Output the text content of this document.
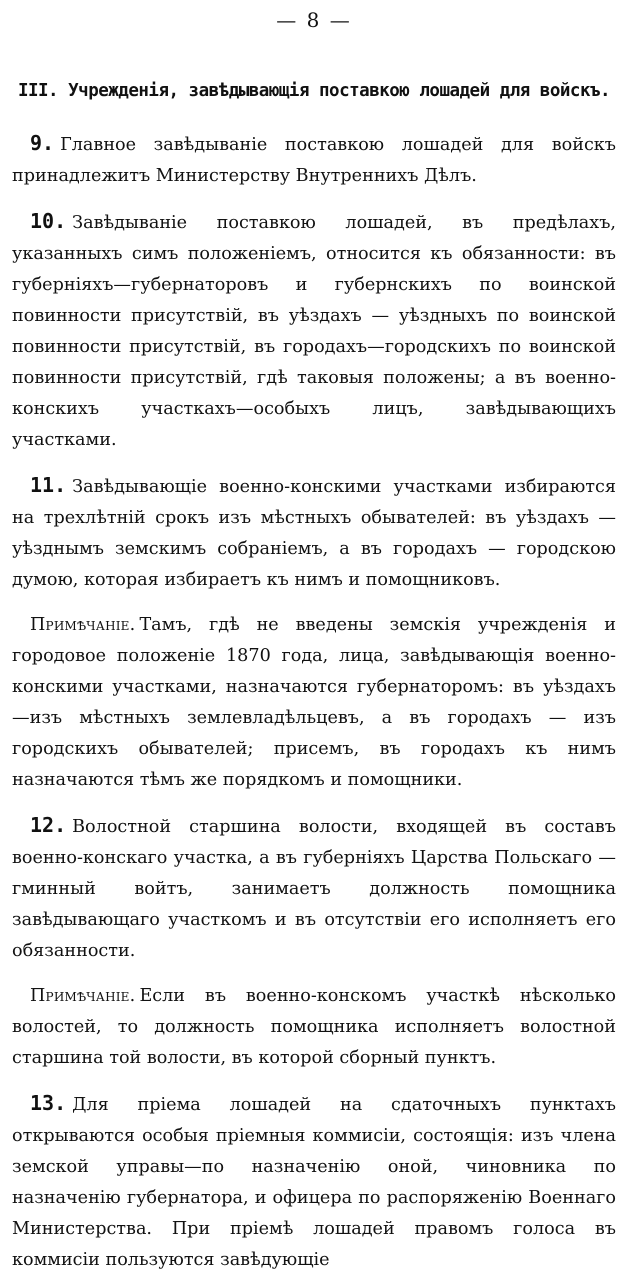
— 8 —
III. Учрежденія, завѣдывающія поставкою лошадей для войскъ.

9. Главное завѣдываніе поставкою лошадей для войскъ принадлежитъ Министерству Внутреннихъ Дѣлъ.

10. Завѣдываніе поставкою лошадей, въ предѣлахъ, указанныхъ симъ положеніемъ, относится къ обязанности: въ губерніяхъ—губернаторовъ и губернскихъ по воинской повинности присутствій, въ уѣздахъ — уѣздныхъ по воинской повинности присутствій, въ городахъ—городскихъ по воинской повинности присутствій, гдѣ таковыя положены; а въ военно-конскихъ участкахъ—особыхъ лицъ, завѣдывающихъ участками.

11. Завѣдывающіе военно-конскими участками избираются на трехлѣтній срокъ изъ мѣстныхъ обывателей: въ уѣздахъ — уѣзднымъ земскимъ собраніемъ, а въ городахъ — городскою думою, которая избираетъ къ нимъ и помощниковъ.

Примѣчаніе. Тамъ, гдѣ не введены земскія учрежденія и городовое положеніе 1870 года, лица, завѣдывающія военно-конскими участками, назначаются губернаторомъ: въ уѣздахъ—изъ мѣстныхъ землевладѣльцевъ, а въ городахъ — изъ городскихъ обывателей; присемъ, въ городахъ къ нимъ назначаются тѣмъ же порядкомъ и помощники.

12. Волостной старшина волости, входящей въ составъ военно-конскаго участка, а въ губерніяхъ Царства Польскаго — гминный войтъ, занимаетъ должность помощника завѣдывающаго участкомъ и въ отсутствіи его исполняетъ его обязанности.

Примѣчаніе. Если въ военно-конскомъ участкѣ нѣсколько волостей, то должность помощника исполняетъ волостной старшина той волости, въ которой сборный пунктъ.

13. Для пріема лошадей на сдаточныхъ пунктахъ открываются особыя пріемныя коммисіи, состоящія: изъ члена земской управы—по назначенію оной, чиновника по назначенію губернатора, и офицера по распоряженію Военнаго Министерства. При пріемѣ лошадей правомъ голоса въ коммисіи пользуются завѣдующіе
